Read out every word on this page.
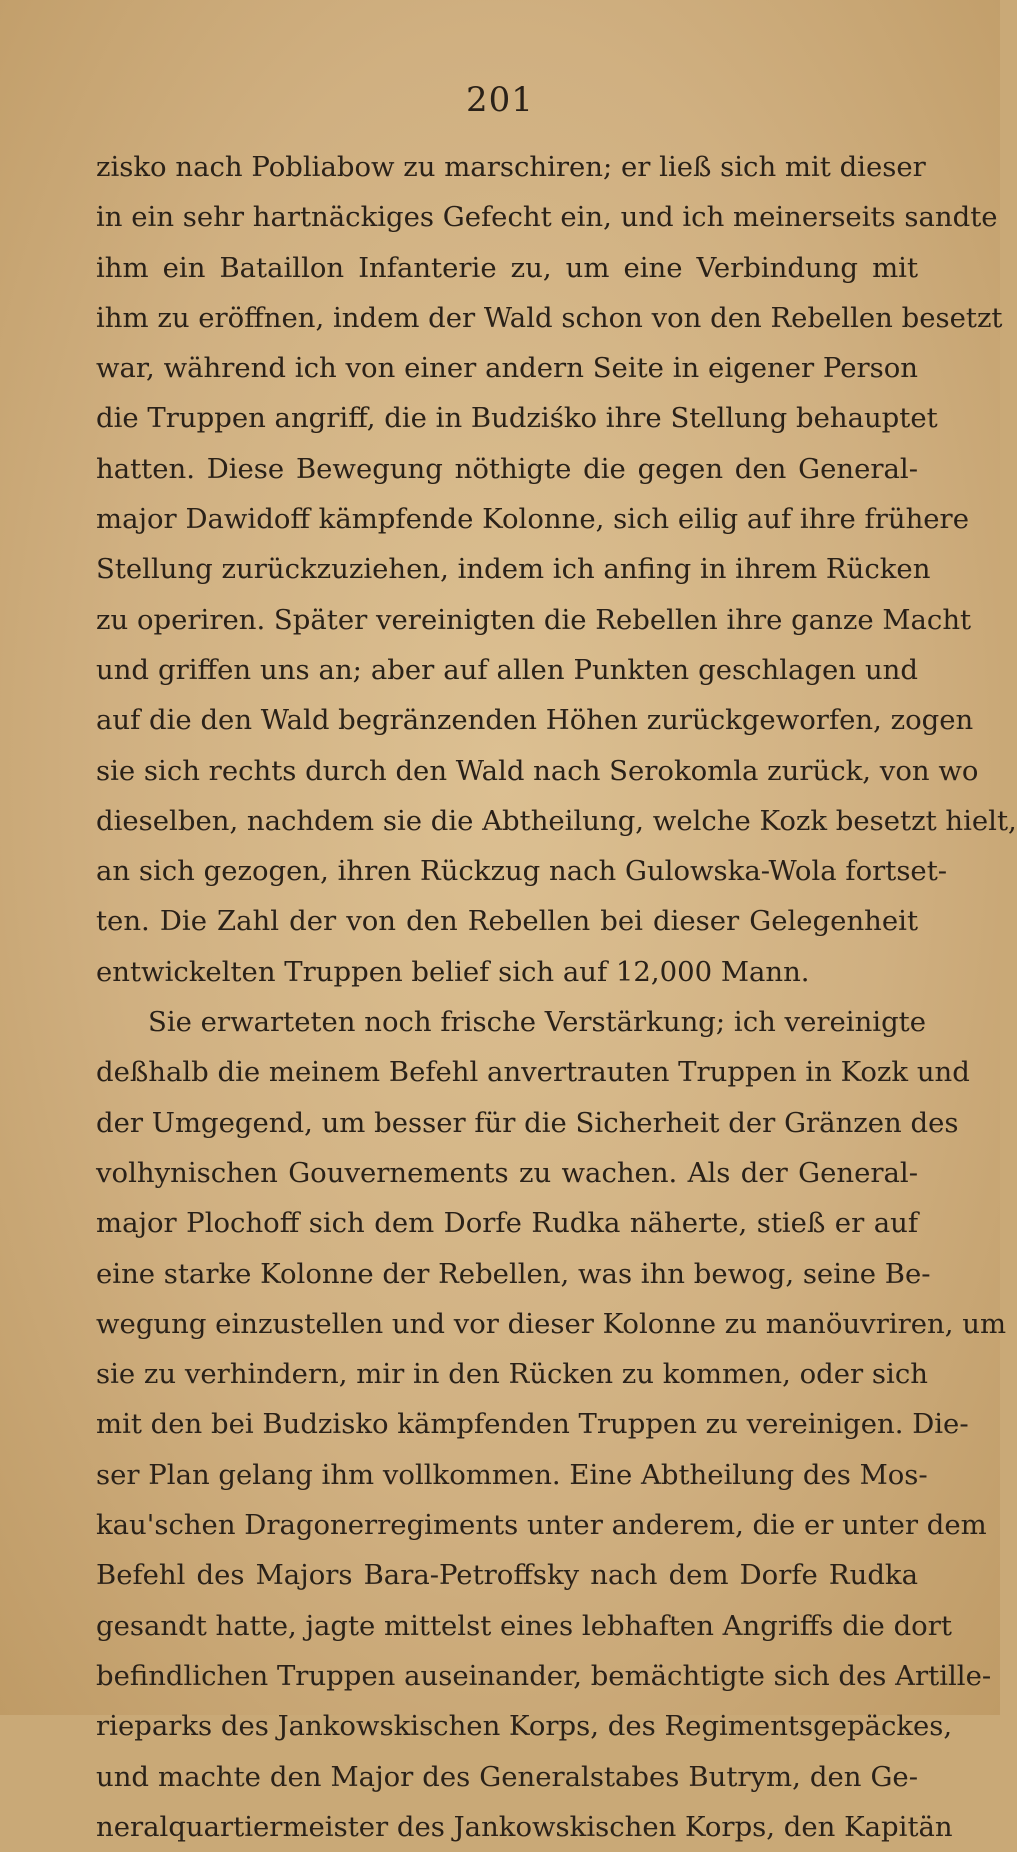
201
zisko nach Pobliabow zu marschiren; er ließ sich mit dieser
in ein sehr hartnäckiges Gefecht ein, und ich meinerseits sandte
ihm ein Bataillon Infanterie zu, um eine Verbindung mit
ihm zu eröffnen, indem der Wald schon von den Rebellen besetzt
war, während ich von einer andern Seite in eigener Person
die Truppen angriff, die in Budziśko ihre Stellung behauptet
hatten. Diese Bewegung nöthigte die gegen den General-
major Dawidoff kämpfende Kolonne, sich eilig auf ihre frühere
Stellung zurückzuziehen, indem ich anfing in ihrem Rücken
zu operiren. Später vereinigten die Rebellen ihre ganze Macht
und griffen uns an; aber auf allen Punkten geschlagen und
auf die den Wald begränzenden Höhen zurückgeworfen, zogen
sie sich rechts durch den Wald nach Serokomla zurück, von wo
dieselben, nachdem sie die Abtheilung, welche Kozk besetzt hielt,
an sich gezogen, ihren Rückzug nach Gulowska-Wola fortset-
ten. Die Zahl der von den Rebellen bei dieser Gelegenheit
entwickelten Truppen belief sich auf 12,000 Mann.
Sie erwarteten noch frische Verstärkung; ich vereinigte
deßhalb die meinem Befehl anvertrauten Truppen in Kozk und
der Umgegend, um besser für die Sicherheit der Gränzen des
volhynischen Gouvernements zu wachen. Als der General-
major Plochoff sich dem Dorfe Rudka näherte, stieß er auf
eine starke Kolonne der Rebellen, was ihn bewog, seine Be-
wegung einzustellen und vor dieser Kolonne zu manöuvriren, um
sie zu verhindern, mir in den Rücken zu kommen, oder sich
mit den bei Budzisko kämpfenden Truppen zu vereinigen. Die-
ser Plan gelang ihm vollkommen. Eine Abtheilung des Mos-
kau'schen Dragonerregiments unter anderem, die er unter dem
Befehl des Majors Bara-Petroffsky nach dem Dorfe Rudka
gesandt hatte, jagte mittelst eines lebhaften Angriffs die dort
befindlichen Truppen auseinander, bemächtigte sich des Artille-
rieparks des Jankowskischen Korps, des Regimentsgepäckes,
und machte den Major des Generalstabes Butrym, den Ge-
neralquartiermeister des Jankowskischen Korps, den Kapitän
